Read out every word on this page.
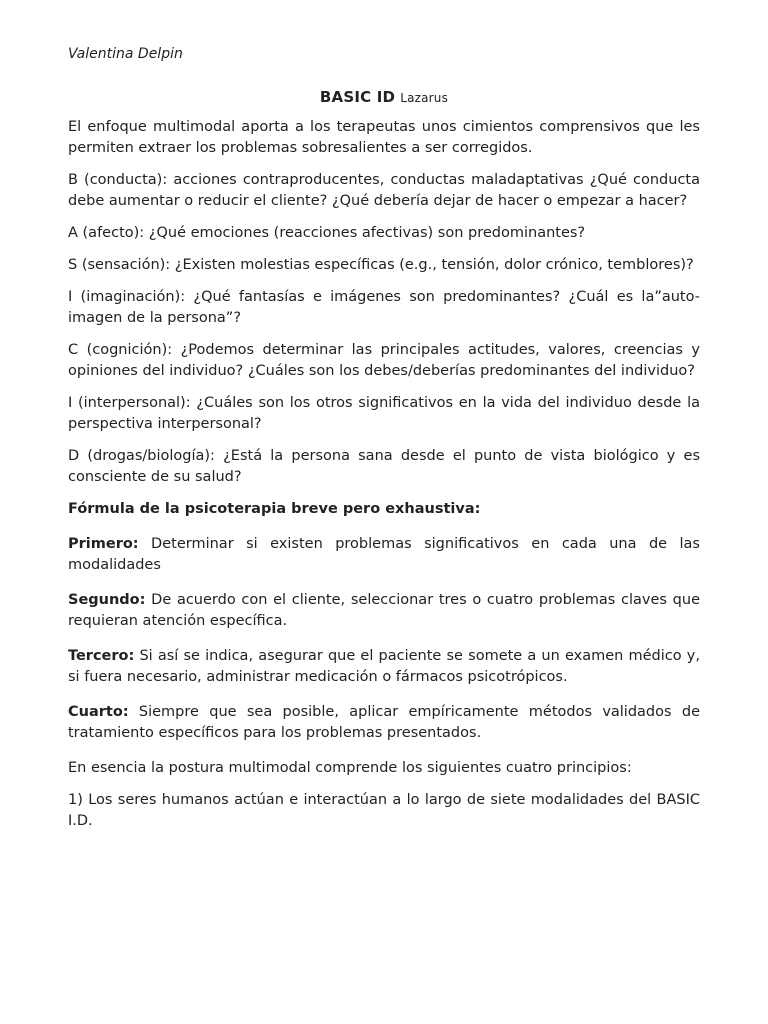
Valentina Delpin
BASIC ID Lazarus

El enfoque multimodal aporta a los terapeutas unos cimientos comprensivos que les permiten extraer los problemas sobresalientes a ser corregidos.

B (conducta): acciones contraproducentes, conductas maladaptativas ¿Qué conducta debe aumentar o reducir el cliente? ¿Qué debería dejar de hacer o empezar a hacer?

A (afecto): ¿Qué emociones (reacciones afectivas) son predominantes?

S (sensación): ¿Existen molestias específicas (e.g., tensión, dolor crónico, temblores)?

I (imaginación): ¿Qué fantasías e imágenes son predominantes? ¿Cuál es la”auto-imagen de la persona”?

C (cognición): ¿Podemos determinar las principales actitudes, valores, creencias y opiniones del individuo? ¿Cuáles son los debes/deberías predominantes del individuo?

I (interpersonal): ¿Cuáles son los otros significativos en la vida del individuo desde la perspectiva interpersonal?

D (drogas/biología): ¿Está la persona sana desde el punto de vista biológico y es consciente de su salud?

Fórmula de la psicoterapia breve pero exhaustiva:

Primero: Determinar si existen problemas significativos en cada una de las modalidades

Segundo: De acuerdo con el cliente, seleccionar tres o cuatro problemas claves que requieran atención específica.

Tercero: Si así se indica, asegurar que el paciente se somete a un examen médico y, si fuera necesario, administrar medicación o fármacos psicotrópicos.

Cuarto: Siempre que sea posible, aplicar empíricamente métodos validados de tratamiento específicos para los problemas presentados.

En esencia la postura multimodal comprende los siguientes cuatro principios:

1) Los seres humanos actúan e interactúan a lo largo de siete modalidades del BASIC I.D.
